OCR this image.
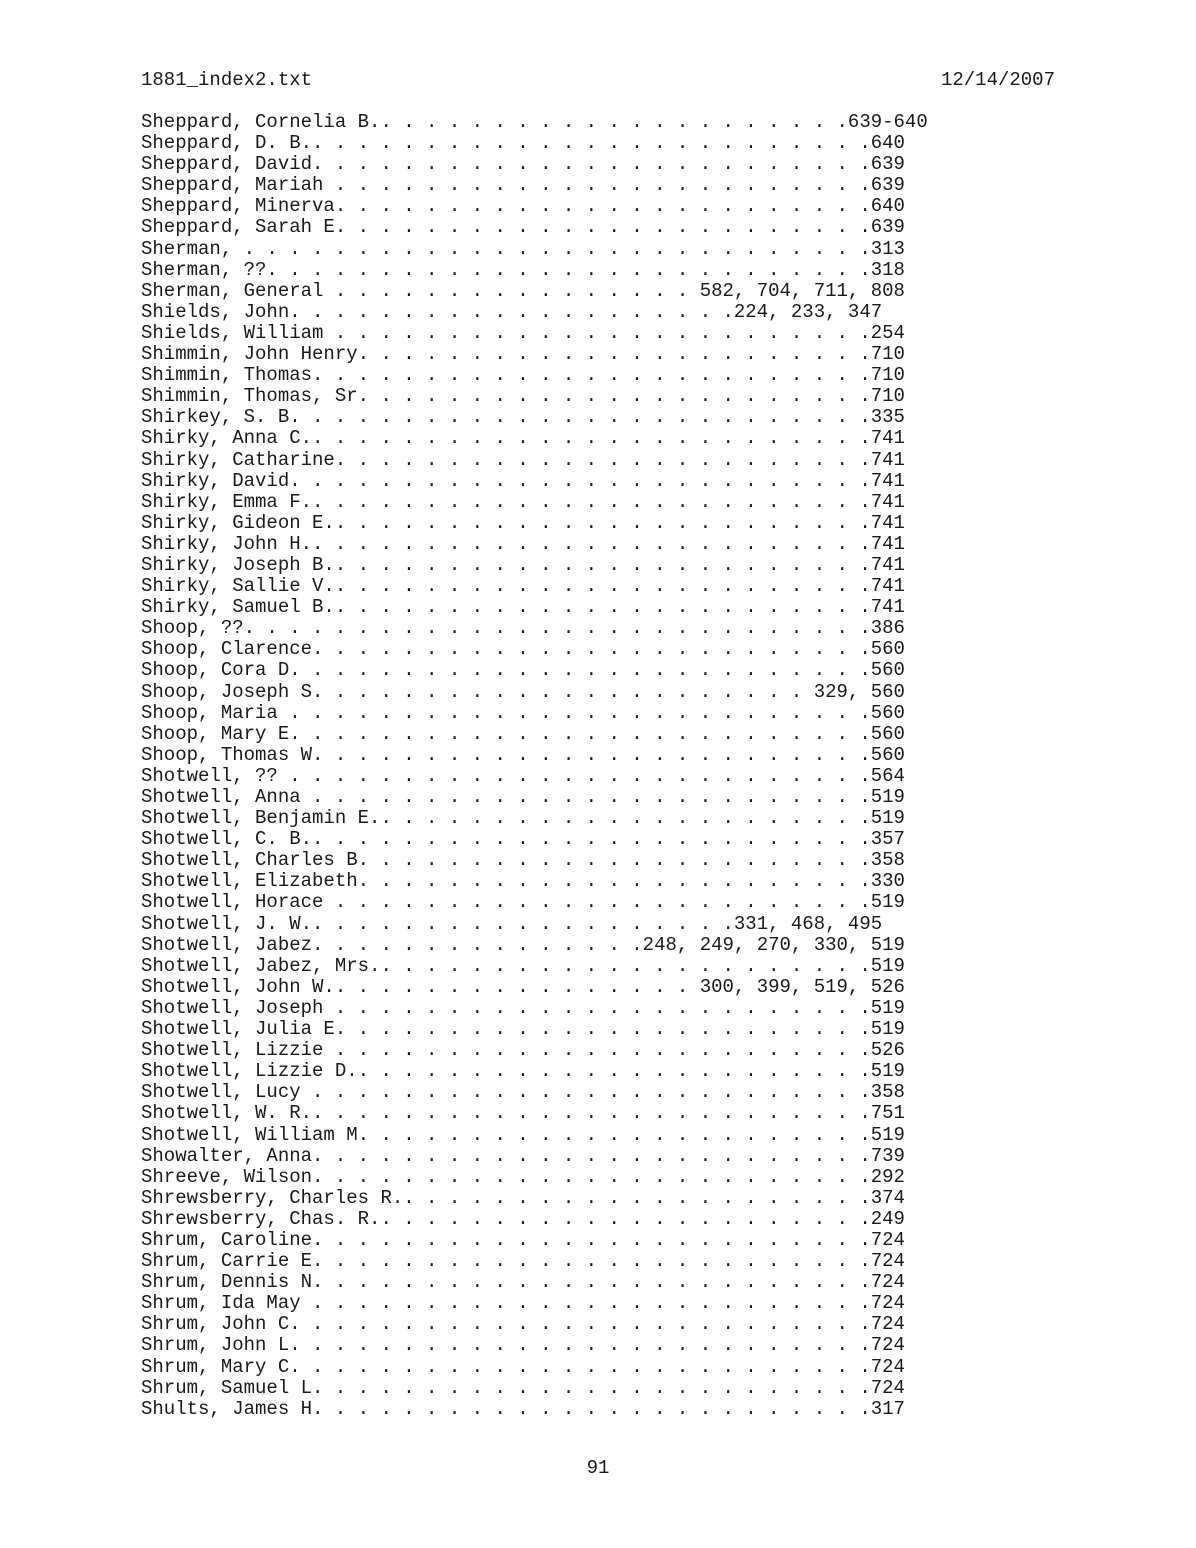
1881_index2.txt	12/14/2007
Sheppard, Cornelia B.. . . . . . . . . . . . . . . . . . . . .639-640
Sheppard, D. B.. . . . . . . . . . . . . . . . . . . . . . . . .640
Sheppard, David. . . . . . . . . . . . . . . . . . . . . . . . .639
Sheppard, Mariah . . . . . . . . . . . . . . . . . . . . . . . .639
Sheppard, Minerva. . . . . . . . . . . . . . . . . . . . . . . .640
Sheppard, Sarah E. . . . . . . . . . . . . . . . . . . . . . . .639
Sherman, . . . . . . . . . . . . . . . . . . . . . . . . . . . .313
Sherman, ??. . . . . . . . . . . . . . . . . . . . . . . . . . .318
Sherman, General . . . . . . . . . . . . . . . . 582, 704, 711, 808
Shields, John. . . . . . . . . . . . . . . . . . . .224, 233, 347
Shields, William . . . . . . . . . . . . . . . . . . . . . . . .254
Shimmin, John Henry. . . . . . . . . . . . . . . . . . . . . . .710
Shimmin, Thomas. . . . . . . . . . . . . . . . . . . . . . . . .710
Shimmin, Thomas, Sr. . . . . . . . . . . . . . . . . . . . . . .710
Shirkey, S. B. . . . . . . . . . . . . . . . . . . . . . . . . .335
Shirky, Anna C.. . . . . . . . . . . . . . . . . . . . . . . . .741
Shirky, Catharine. . . . . . . . . . . . . . . . . . . . . . . .741
Shirky, David. . . . . . . . . . . . . . . . . . . . . . . . . .741
Shirky, Emma F.. . . . . . . . . . . . . . . . . . . . . . . . .741
Shirky, Gideon E.. . . . . . . . . . . . . . . . . . . . . . . .741
Shirky, John H.. . . . . . . . . . . . . . . . . . . . . . . . .741
Shirky, Joseph B.. . . . . . . . . . . . . . . . . . . . . . . .741
Shirky, Sallie V.. . . . . . . . . . . . . . . . . . . . . . . .741
Shirky, Samuel B.. . . . . . . . . . . . . . . . . . . . . . . .741
Shoop, ??. . . . . . . . . . . . . . . . . . . . . . . . . . . .386
Shoop, Clarence. . . . . . . . . . . . . . . . . . . . . . . . .560
Shoop, Cora D. . . . . . . . . . . . . . . . . . . . . . . . . .560
Shoop, Joseph S. . . . . . . . . . . . . . . . . . . . . . 329, 560
Shoop, Maria . . . . . . . . . . . . . . . . . . . . . . . . . .560
Shoop, Mary E. . . . . . . . . . . . . . . . . . . . . . . . . .560
Shoop, Thomas W. . . . . . . . . . . . . . . . . . . . . . . . .560
Shotwell, ?? . . . . . . . . . . . . . . . . . . . . . . . . . .564
Shotwell, Anna . . . . . . . . . . . . . . . . . . . . . . . . .519
Shotwell, Benjamin E.. . . . . . . . . . . . . . . . . . . . . .519
Shotwell, C. B.. . . . . . . . . . . . . . . . . . . . . . . . .357
Shotwell, Charles B. . . . . . . . . . . . . . . . . . . . . . .358
Shotwell, Elizabeth. . . . . . . . . . . . . . . . . . . . . . .330
Shotwell, Horace . . . . . . . . . . . . . . . . . . . . . . . .519
Shotwell, J. W.. . . . . . . . . . . . . . . . . . .331, 468, 495
Shotwell, Jabez. . . . . . . . . . . . . . .248, 249, 270, 330, 519
Shotwell, Jabez, Mrs.. . . . . . . . . . . . . . . . . . . . . .519
Shotwell, John W.. . . . . . . . . . . . . . . . 300, 399, 519, 526
Shotwell, Joseph . . . . . . . . . . . . . . . . . . . . . . . .519
Shotwell, Julia E. . . . . . . . . . . . . . . . . . . . . . . .519
Shotwell, Lizzie . . . . . . . . . . . . . . . . . . . . . . . .526
Shotwell, Lizzie D.. . . . . . . . . . . . . . . . . . . . . . .519
Shotwell, Lucy . . . . . . . . . . . . . . . . . . . . . . . . .358
Shotwell, W. R.. . . . . . . . . . . . . . . . . . . . . . . . .751
Shotwell, William M. . . . . . . . . . . . . . . . . . . . . . .519
Showalter, Anna. . . . . . . . . . . . . . . . . . . . . . . . .739
Shreeve, Wilson. . . . . . . . . . . . . . . . . . . . . . . . .292
Shrewsberry, Charles R.. . . . . . . . . . . . . . . . . . . . .374
Shrewsberry, Chas. R.. . . . . . . . . . . . . . . . . . . . . .249
Shrum, Caroline. . . . . . . . . . . . . . . . . . . . . . . . .724
Shrum, Carrie E. . . . . . . . . . . . . . . . . . . . . . . . .724
Shrum, Dennis N. . . . . . . . . . . . . . . . . . . . . . . . .724
Shrum, Ida May . . . . . . . . . . . . . . . . . . . . . . . . .724
Shrum, John C. . . . . . . . . . . . . . . . . . . . . . . . . .724
Shrum, John L. . . . . . . . . . . . . . . . . . . . . . . . . .724
Shrum, Mary C. . . . . . . . . . . . . . . . . . . . . . . . . .724
Shrum, Samuel L. . . . . . . . . . . . . . . . . . . . . . . . .724
Shults, James H. . . . . . . . . . . . . . . . . . . . . . . . .317
91
